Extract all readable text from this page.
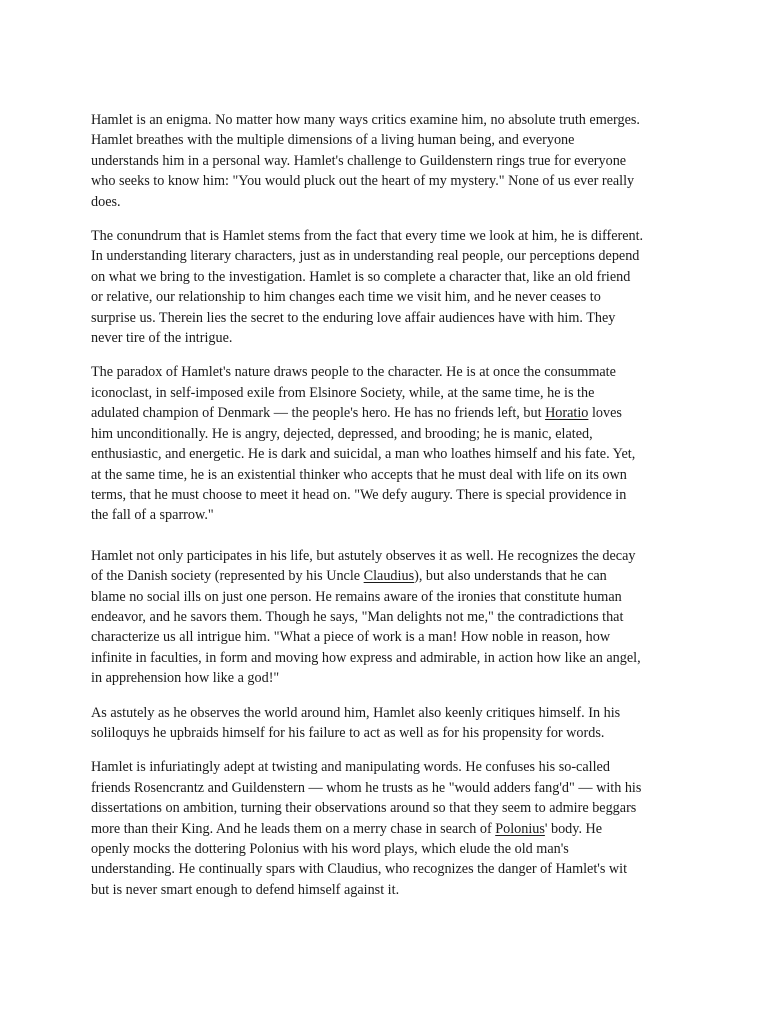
Hamlet is an enigma. No matter how many ways critics examine him, no absolute truth emerges.
Hamlet breathes with the multiple dimensions of a living human being, and everyone
understands him in a personal way. Hamlet's challenge to Guildenstern rings true for everyone
who seeks to know him: "You would pluck out the heart of my mystery." None of us ever really
does.

The conundrum that is Hamlet stems from the fact that every time we look at him, he is different.
In understanding literary characters, just as in understanding real people, our perceptions depend
on what we bring to the investigation. Hamlet is so complete a character that, like an old friend
or relative, our relationship to him changes each time we visit him, and he never ceases to
surprise us. Therein lies the secret to the enduring love affair audiences have with him. They
never tire of the intrigue.

The paradox of Hamlet's nature draws people to the character. He is at once the consummate
iconoclast, in self-imposed exile from Elsinore Society, while, at the same time, he is the
adulated champion of Denmark — the people's hero. He has no friends left, but Horatio loves
him unconditionally. He is angry, dejected, depressed, and brooding; he is manic, elated,
enthusiastic, and energetic. He is dark and suicidal, a man who loathes himself and his fate. Yet,
at the same time, he is an existential thinker who accepts that he must deal with life on its own
terms, that he must choose to meet it head on. "We defy augury. There is special providence in
the fall of a sparrow."

Hamlet not only participates in his life, but astutely observes it as well. He recognizes the decay
of the Danish society (represented by his Uncle Claudius), but also understands that he can
blame no social ills on just one person. He remains aware of the ironies that constitute human
endeavor, and he savors them. Though he says, "Man delights not me," the contradictions that
characterize us all intrigue him. "What a piece of work is a man! How noble in reason, how
infinite in faculties, in form and moving how express and admirable, in action how like an angel,
in apprehension how like a god!"

As astutely as he observes the world around him, Hamlet also keenly critiques himself. In his
soliloquys he upbraids himself for his failure to act as well as for his propensity for words.

Hamlet is infuriatingly adept at twisting and manipulating words. He confuses his so-called
friends Rosencrantz and Guildenstern — whom he trusts as he "would adders fang'd" — with his
dissertations on ambition, turning their observations around so that they seem to admire beggars
more than their King. And he leads them on a merry chase in search of Polonius' body. He
openly mocks the dottering Polonius with his word plays, which elude the old man's
understanding. He continually spars with Claudius, who recognizes the danger of Hamlet's wit
but is never smart enough to defend himself against it.
